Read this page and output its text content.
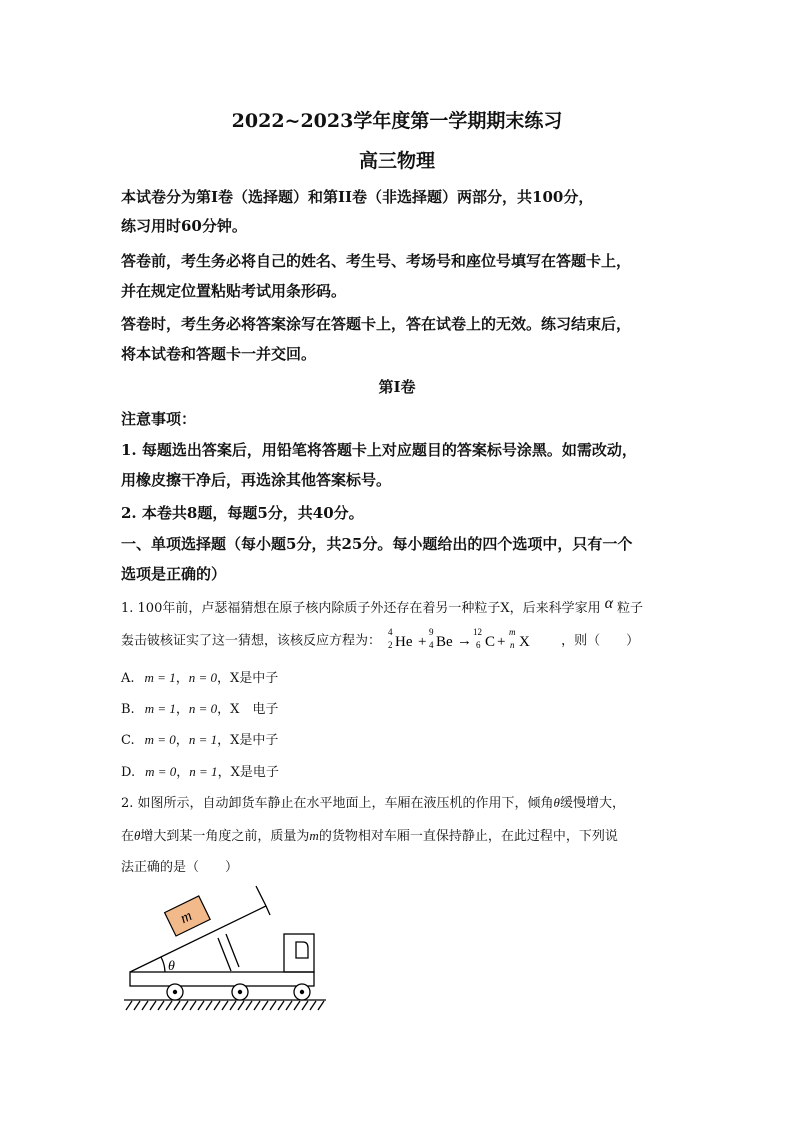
2022~2023学年度第一学期期末练习
高三物理
本试卷分为第I卷（选择题）和第II卷（非选择题）两部分，共100分，
练习用时60分钟。
答卷前，考生务必将自己的姓名、考生号、考场号和座位号填写在答题卡上，
并在规定位置粘贴考试用条形码。
答卷时，考生务必将答案涂写在答题卡上，答在试卷上的无效。练习结束后，
将本试卷和答题卡一并交回。
第I卷
注意事项：
1. 每题选出答案后，用铅笔将答题卡上对应题目的答案标号涂黑。如需改动，
用橡皮擦干净后，再选涂其他答案标号。
2. 本卷共8题，每题5分，共40分。
一、单项选择题（每小题5分，共25分。每小题给出的四个选项中，只有一个
选项是正确的）
1. 100年前，卢瑟福猜想在原子核内除质子外还存在着另一种粒子X，后来科学家用 α 粒子
轰击铍核证实了这一猜想，该核反应方程为：
4
2 He +
9
4 Be →
12
6 C +
m
n X ，则（　　）
A. m = 1，n = 0，X是中子
B. m = 1，n = 0，X　电子
C. m = 0，n = 1，X是中子
D. m = 0，n = 1，X是电子
2. 如图所示，自动卸货车静止在水平地面上，车厢在液压机的作用下，倾角θ缓慢增大，
在θ增大到某一角度之前，质量为m的货物相对车厢一直保持静止，在此过程中，下列说
法正确的是（　　）
m
θ
